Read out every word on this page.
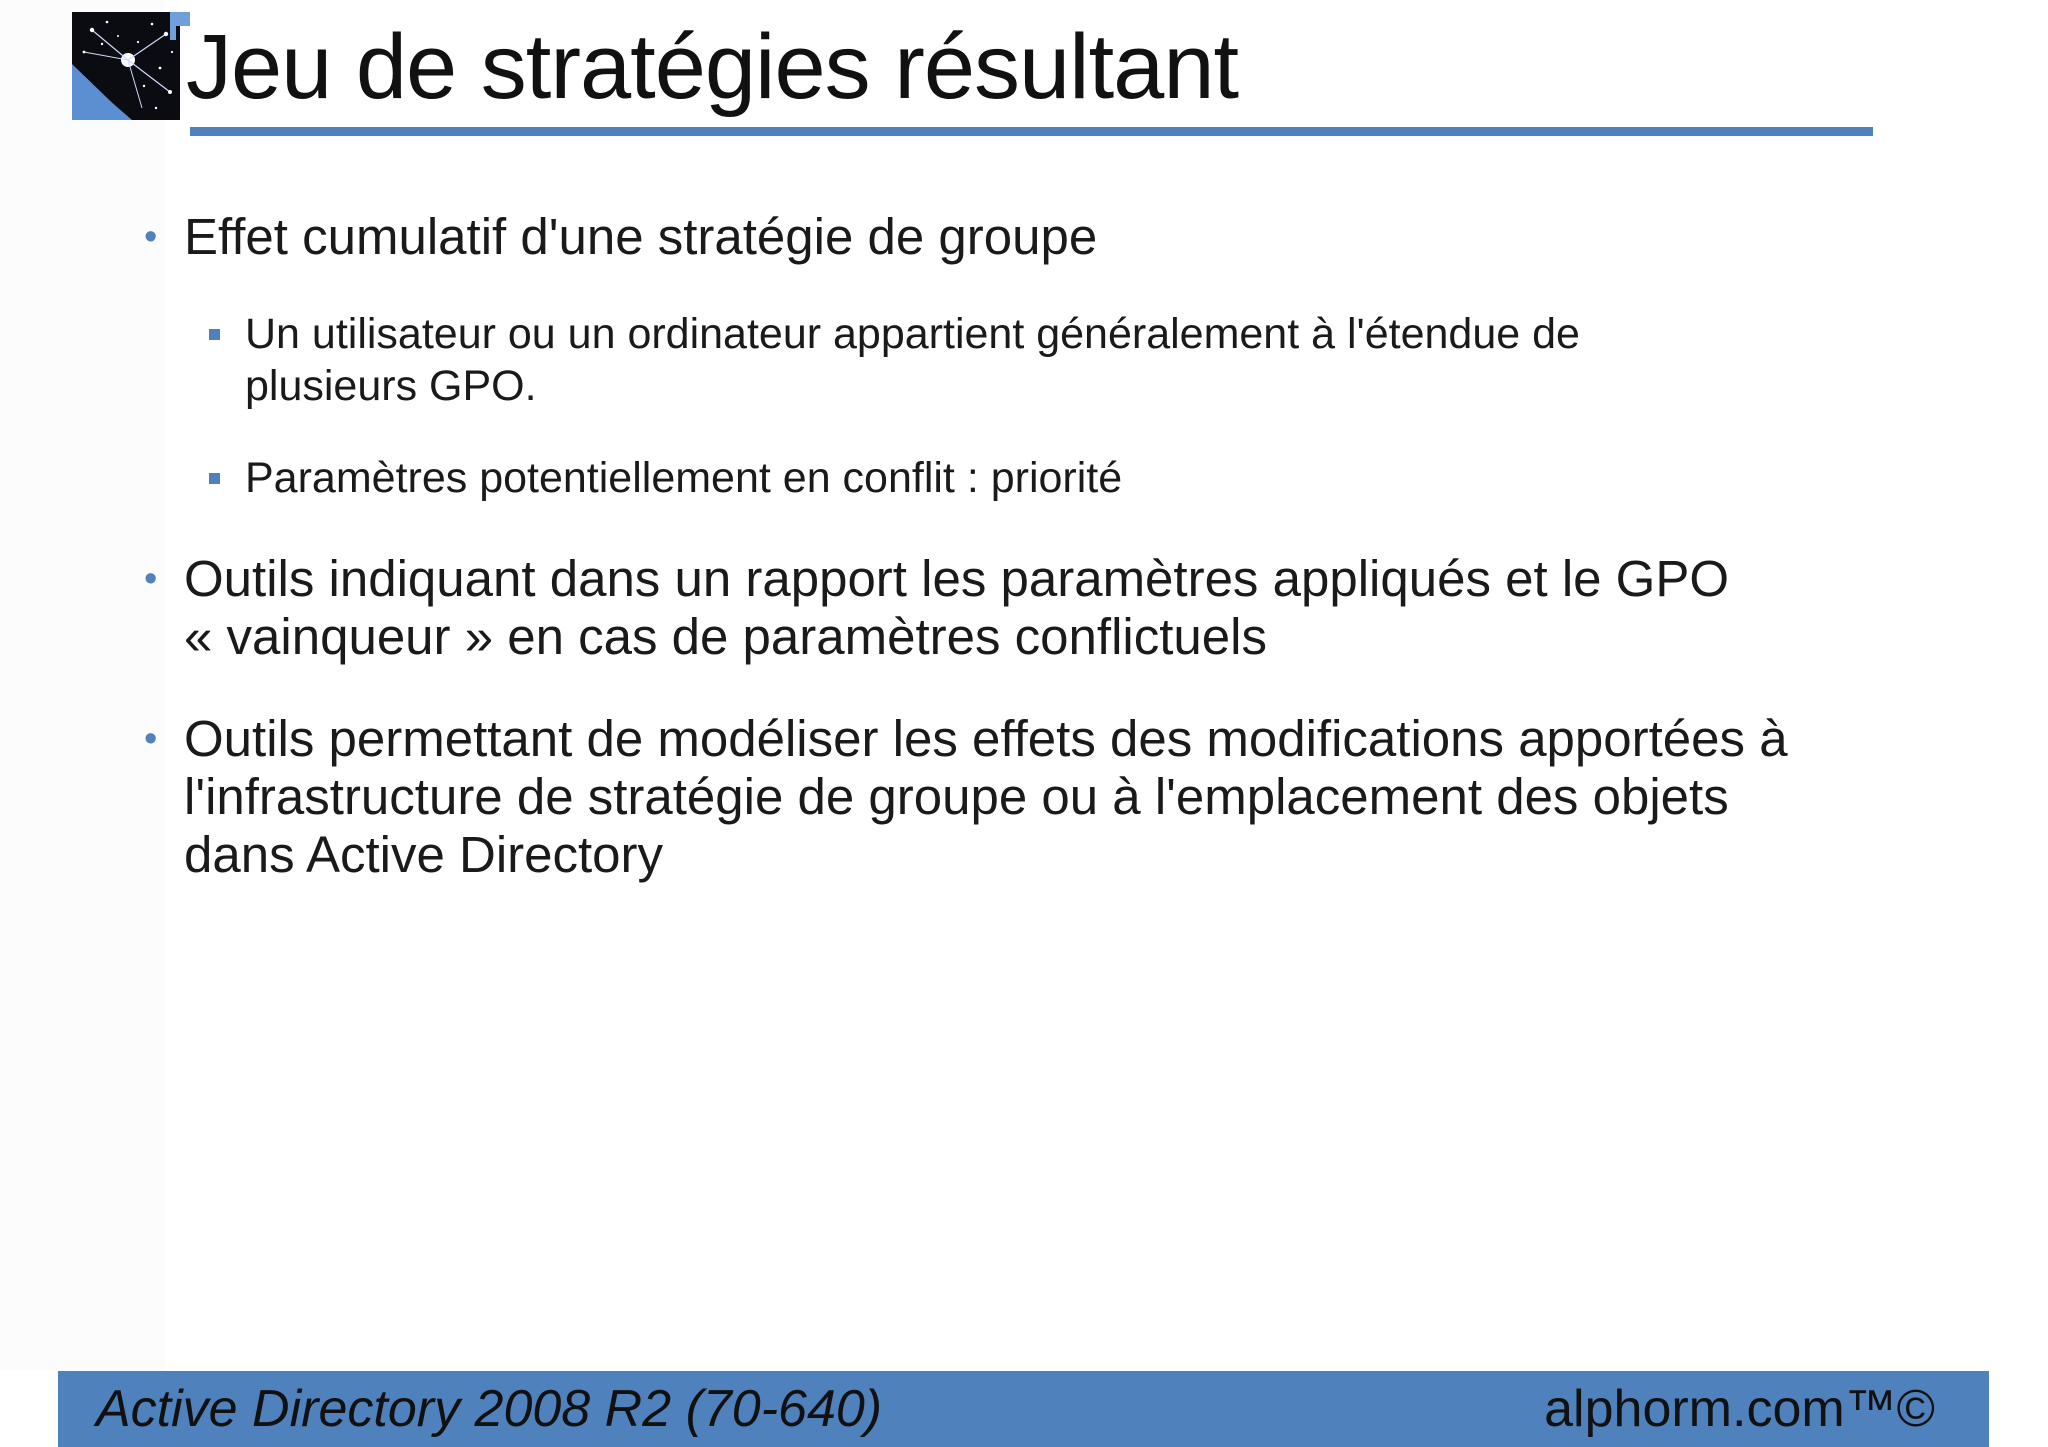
Jeu de stratégies résultant
• Effet cumulatif d'une stratégie de groupe
Un utilisateur ou un ordinateur appartient généralement à l'étendue de
plusieurs GPO.
Paramètres potentiellement en conflit : priorité
• Outils indiquant dans un rapport les paramètres appliqués et le GPO
« vainqueur » en cas de paramètres conflictuels
• Outils permettant de modéliser les effets des modifications apportées à
l'infrastructure de stratégie de groupe ou à l'emplacement des objets
dans Active Directory
Active Directory 2008 R2 (70-640)	alphorm.com™©
